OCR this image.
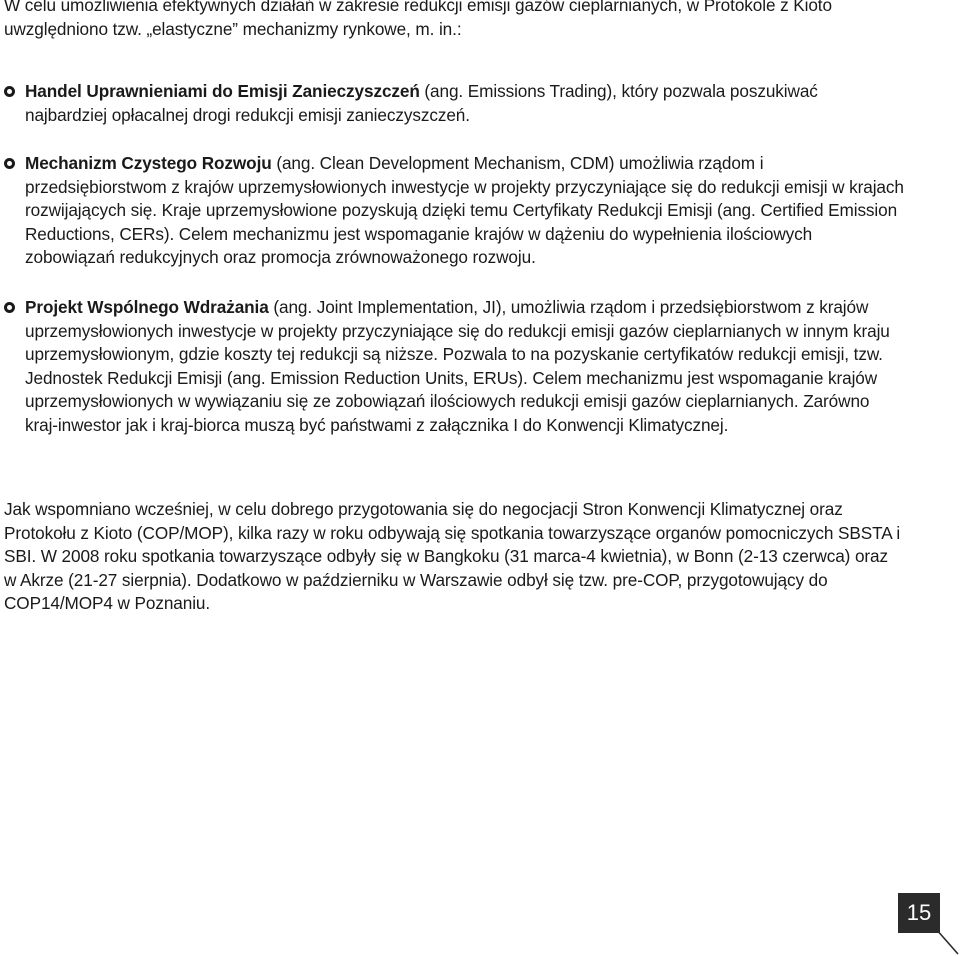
W celu umożliwienia efektywnych działań w zakresie redukcji emisji gazów cieplarnianych, w Protokole z Kioto uwzględniono tzw. „elastyczne” mechanizmy rynkowe, m. in.:

Handel Uprawnieniami do Emisji Zanieczyszczeń (ang. Emissions Trading), który pozwala poszukiwać najbardziej opłacalnej drogi redukcji emisji zanieczyszczeń.

Mechanizm Czystego Rozwoju (ang. Clean Development Mechanism, CDM) umożliwia rządom i przedsiębiorstwom z krajów uprzemysłowionych inwestycje w projekty przyczyniające się do redukcji emisji w krajach rozwijających się. Kraje uprzemysłowione pozyskują dzięki temu Certyfikaty Redukcji Emisji (ang. Certified Emission Reductions, CERs). Celem mechanizmu jest wspomaganie krajów w dążeniu do wypełnienia ilościowych zobowiązań redukcyjnych oraz promocja zrównoważonego rozwoju.

Projekt Wspólnego Wdrażania (ang. Joint Implementation, JI), umożliwia rządom i przedsiębiorstwom z krajów uprzemysłowionych inwestycje w projekty przyczyniające się do redukcji emisji gazów cieplarnianych w innym kraju uprzemysłowionym, gdzie koszty tej redukcji są niższe. Pozwala to na pozyskanie certyfikatów redukcji emisji, tzw. Jednostek Redukcji Emisji (ang. Emission Reduction Units, ERUs). Celem mechanizmu jest wspomaganie krajów uprzemysłowionych w wywiązaniu się ze zobowiązań ilościowych redukcji emisji gazów cieplarnianych. Zarówno kraj-inwestor jak i kraj-biorca muszą być państwami z załącznika I do Konwencji Klimatycznej.

Jak wspomniano wcześniej, w celu dobrego przygotowania się do negocjacji Stron Konwencji Klimatycznej oraz Protokołu z Kioto (COP/MOP), kilka razy w roku odbywają się spotkania towarzyszące organów pomocniczych SBSTA i SBI. W 2008 roku spotkania towarzyszące odbyły się w Bangkoku (31 marca-4 kwietnia), w Bonn (2-13 czerwca) oraz w Akrze (21-27 sierpnia). Dodatkowo w październiku w Warszawie odbył się tzw. pre-COP, przygotowujący do COP14/MOP4 w Poznaniu.

15
